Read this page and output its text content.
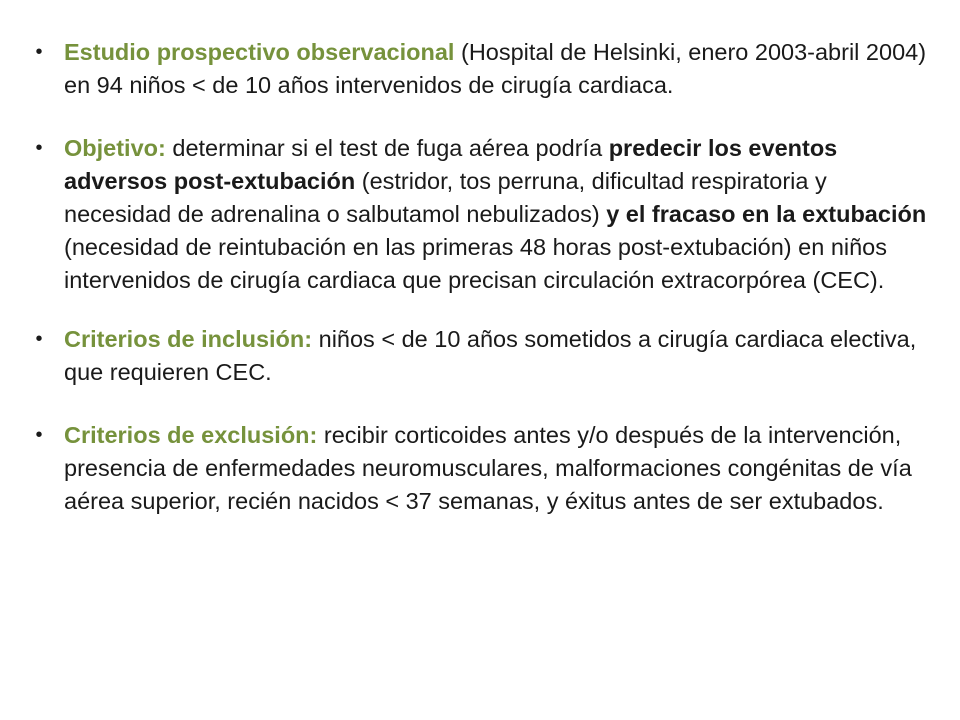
• Estudio prospectivo observacional (Hospital de Helsinki, enero 2003-abril 2004) en 94 niños < de 10 años intervenidos de cirugía cardiaca.
• Objetivo: determinar si el test de fuga aérea podría predecir los eventos adversos post-extubación (estridor, tos perruna, dificultad respiratoria y necesidad de adrenalina o salbutamol nebulizados) y el fracaso en la extubación (necesidad de reintubación en las primeras 48 horas post-extubación) en niños intervenidos de cirugía cardiaca que precisan circulación extracorpórea (CEC).
• Criterios de inclusión: niños < de 10 años sometidos a cirugía cardiaca electiva, que requieren CEC.
• Criterios de exclusión: recibir corticoides antes y/o después de la intervención, presencia de enfermedades neuromusculares, malformaciones congénitas de vía aérea superior, recién nacidos < 37 semanas, y éxitus antes de ser extubados.
